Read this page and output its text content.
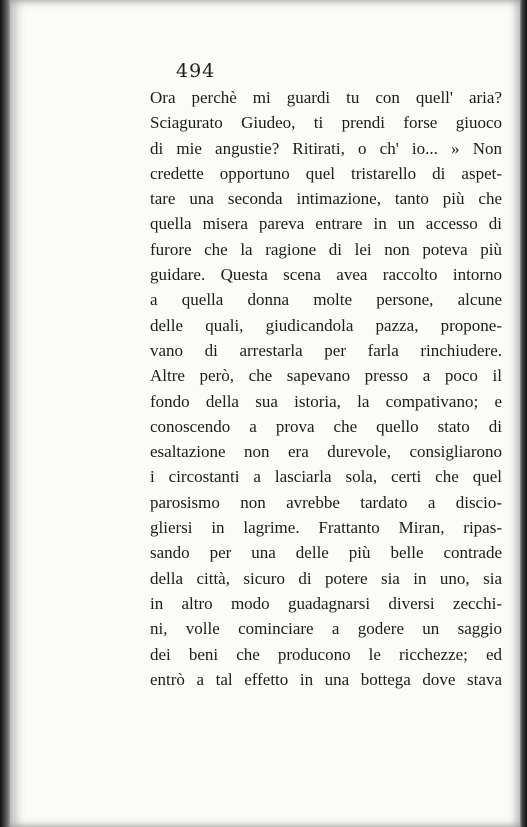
494
Ora perchè mi guardi tu con quell' aria?
Sciagurato Giudeo, ti prendi forse giuoco
di mie angustie? Ritirati, o ch' io... » Non
credette opportuno quel tristarello di aspet-
tare una seconda intimazione, tanto più che
quella misera pareva entrare in un accesso di
furore che la ragione di lei non poteva più
guidare. Questa scena avea raccolto intorno
a quella donna molte persone, alcune
delle quali, giudicandola pazza, propone-
vano di arrestarla per farla rinchiudere.
Altre però, che sapevano presso a poco il
fondo della sua istoria, la compativano; e
conoscendo a prova che quello stato di
esaltazione non era durevole, consigliarono
i circostanti a lasciarla sola, certi che quel
parosismo non avrebbe tardato a discio-
gliersi in lagrime. Frattanto Miran, ripas-
sando per una delle più belle contrade
della città, sicuro di potere sia in uno, sia
in altro modo guadagnarsi diversi zecchi-
ni, volle cominciare a godere un saggio
dei beni che producono le ricchezze; ed
entrò a tal effetto in una bottega dove stava
